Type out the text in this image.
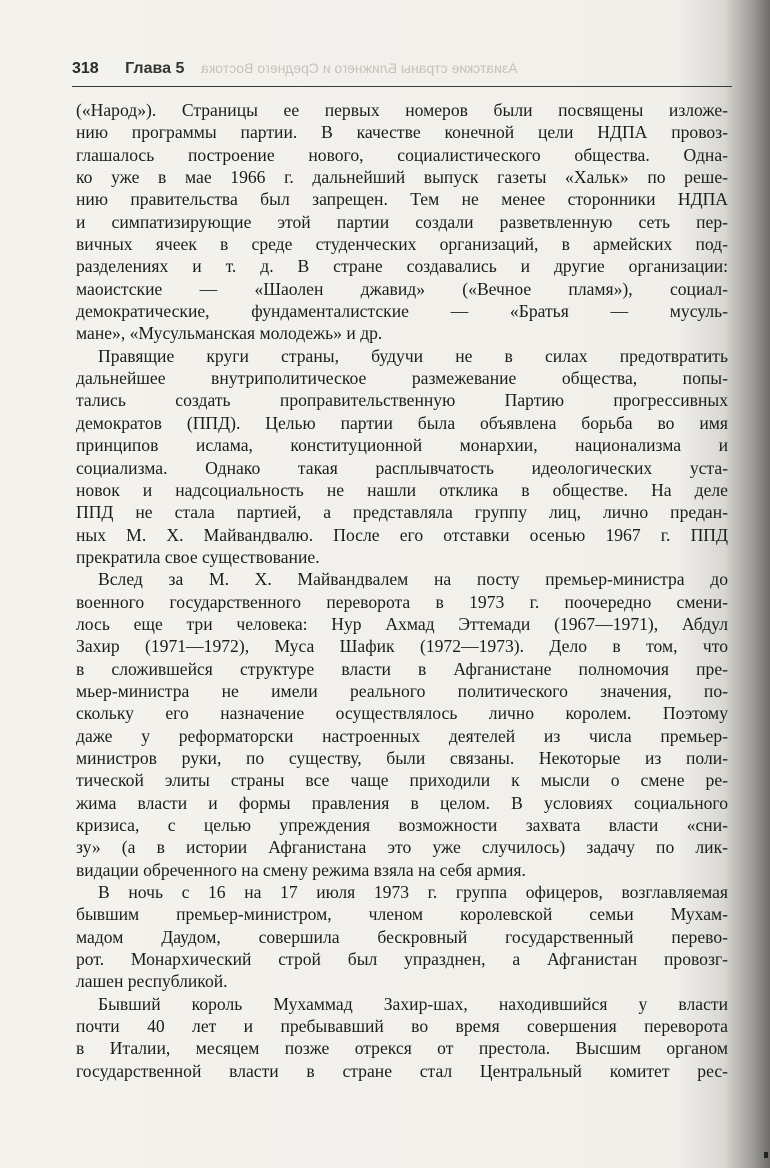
318 Глава 5 Азиатские страны Ближнего и Среднего Востока

(«Народ»). Страницы ее первых номеров были посвящены изложе-
нию программы партии. В качестве конечной цели НДПА провоз-
глашалось построение нового, социалистического общества. Одна-
ко уже в мае 1966 г. дальнейший выпуск газеты «Хальк» по реше-
нию правительства был запрещен. Тем не менее сторонники НДПА
и симпатизирующие этой партии создали разветвленную сеть пер-
вичных ячеек в среде студенческих организаций, в армейских под-
разделениях и т. д. В стране создавались и другие организации:
маоистские — «Шаолен джавид» («Вечное пламя»), социал-
демократические, фундаменталистские — «Братья — мусуль-
мане», «Мусульманская молодежь» и др.

Правящие круги страны, будучи не в силах предотвратить
дальнейшее внутриполитическое размежевание общества, попы-
тались создать проправительственную Партию прогрессивных
демократов (ППД). Целью партии была объявлена борьба во имя
принципов ислама, конституционной монархии, национализма и
социализма. Однако такая расплывчатость идеологических уста-
новок и надсоциальность не нашли отклика в обществе. На деле
ППД не стала партией, а представляла группу лиц, лично предан-
ных М. Х. Майвандвалю. После его отставки осенью 1967 г. ППД
прекратила свое существование.

Вслед за М. Х. Майвандвалем на посту премьер-министра до
военного государственного переворота в 1973 г. поочередно смени-
лось еще три человека: Нур Ахмад Эттемади (1967—1971), Абдул
Захир (1971—1972), Муса Шафик (1972—1973). Дело в том, что
в сложившейся структуре власти в Афганистане полномочия пре-
мьер-министра не имели реального политического значения, по-
скольку его назначение осуществлялось лично королем. Поэтому
даже у реформаторски настроенных деятелей из числа премьер-
министров руки, по существу, были связаны. Некоторые из поли-
тической элиты страны все чаще приходили к мысли о смене ре-
жима власти и формы правления в целом. В условиях социального
кризиса, с целью упреждения возможности захвата власти «сни-
зу» (а в истории Афганистана это уже случилось) задачу по лик-
видации обреченного на смену режима взяла на себя армия.

В ночь с 16 на 17 июля 1973 г. группа офицеров, возглавляемая
бывшим премьер-министром, членом королевской семьи Мухам-
мадом Даудом, совершила бескровный государственный перево-
рот. Монархический строй был упразднен, а Афганистан провозг-
лашен республикой.

Бывший король Мухаммад Захир-шах, находившийся у власти
почти 40 лет и пребывавший во время совершения переворота
в Италии, месяцем позже отрекся от престола. Высшим органом
государственной власти в стране стал Центральный комитет рес-
